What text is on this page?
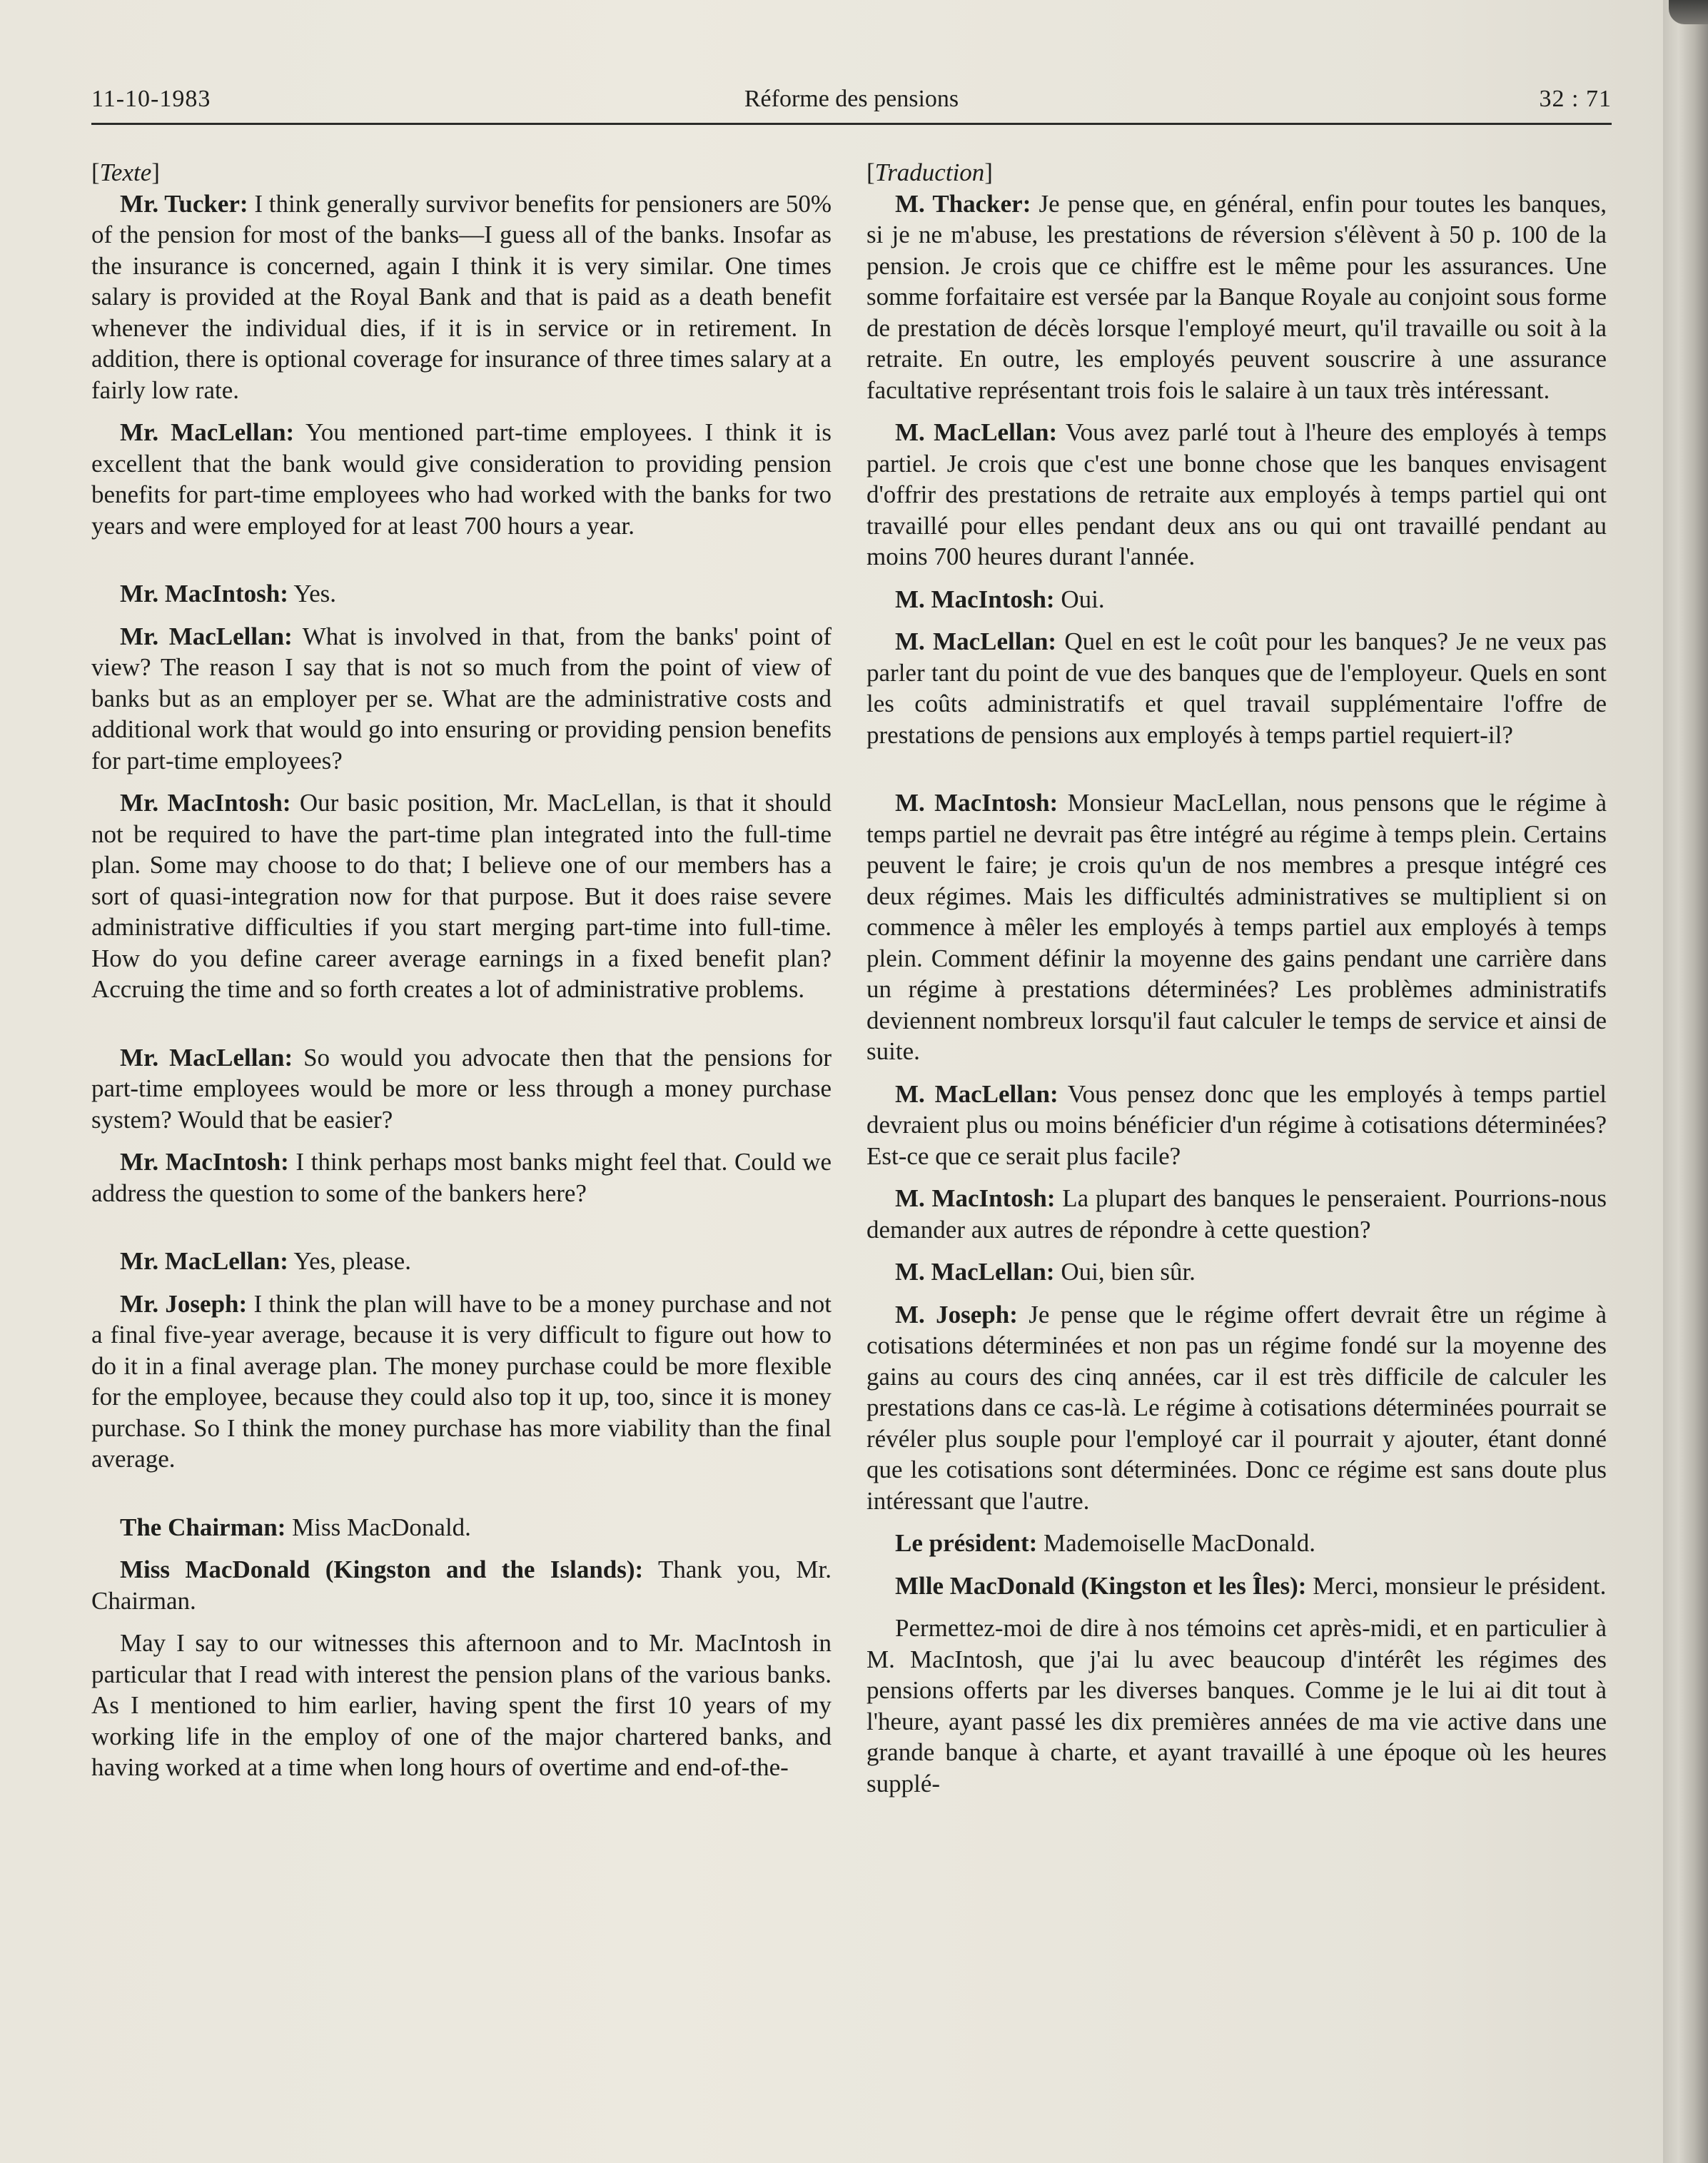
11-10-1983	Réforme des pensions	32 : 71

[Texte]

Mr. Tucker: I think generally survivor benefits for pensioners are 50% of the pension for most of the banks—I guess all of the banks. Insofar as the insurance is concerned, again I think it is very similar. One times salary is provided at the Royal Bank and that is paid as a death benefit whenever the individual dies, if it is in service or in retirement. In addition, there is optional coverage for insurance of three times salary at a fairly low rate.

Mr. MacLellan: You mentioned part-time employees. I think it is excellent that the bank would give consideration to providing pension benefits for part-time employees who had worked with the banks for two years and were employed for at least 700 hours a year.

Mr. MacIntosh: Yes.

Mr. MacLellan: What is involved in that, from the banks' point of view? The reason I say that is not so much from the point of view of banks but as an employer per se. What are the administrative costs and additional work that would go into ensuring or providing pension benefits for part-time employees?

Mr. MacIntosh: Our basic position, Mr. MacLellan, is that it should not be required to have the part-time plan integrated into the full-time plan. Some may choose to do that; I believe one of our members has a sort of quasi-integration now for that purpose. But it does raise severe administrative difficulties if you start merging part-time into full-time. How do you define career average earnings in a fixed benefit plan? Accruing the time and so forth creates a lot of administrative problems.

Mr. MacLellan: So would you advocate then that the pensions for part-time employees would be more or less through a money purchase system? Would that be easier?

Mr. MacIntosh: I think perhaps most banks might feel that. Could we address the question to some of the bankers here?

Mr. MacLellan: Yes, please.

Mr. Joseph: I think the plan will have to be a money purchase and not a final five-year average, because it is very difficult to figure out how to do it in a final average plan. The money purchase could be more flexible for the employee, because they could also top it up, too, since it is money purchase. So I think the money purchase has more viability than the final average.

The Chairman: Miss MacDonald.

Miss MacDonald (Kingston and the Islands): Thank you, Mr. Chairman.

May I say to our witnesses this afternoon and to Mr. MacIntosh in particular that I read with interest the pension plans of the various banks. As I mentioned to him earlier, having spent the first 10 years of my working life in the employ of one of the major chartered banks, and having worked at a time when long hours of overtime and end-of-the-

[Traduction]

M. Thacker: Je pense que, en général, enfin pour toutes les banques, si je ne m'abuse, les prestations de réversion s'élèvent à 50 p. 100 de la pension. Je crois que ce chiffre est le même pour les assurances. Une somme forfaitaire est versée par la Banque Royale au conjoint sous forme de prestation de décès lorsque l'employé meurt, qu'il travaille ou soit à la retraite. En outre, les employés peuvent souscrire à une assurance facultative représentant trois fois le salaire à un taux très intéressant.

M. MacLellan: Vous avez parlé tout à l'heure des employés à temps partiel. Je crois que c'est une bonne chose que les banques envisagent d'offrir des prestations de retraite aux employés à temps partiel qui ont travaillé pour elles pendant deux ans ou qui ont travaillé pendant au moins 700 heures durant l'année.

M. MacIntosh: Oui.

M. MacLellan: Quel en est le coût pour les banques? Je ne veux pas parler tant du point de vue des banques que de l'employeur. Quels en sont les coûts administratifs et quel travail supplémentaire l'offre de prestations de pensions aux employés à temps partiel requiert-il?

M. MacIntosh: Monsieur MacLellan, nous pensons que le régime à temps partiel ne devrait pas être intégré au régime à temps plein. Certains peuvent le faire; je crois qu'un de nos membres a presque intégré ces deux régimes. Mais les difficultés administratives se multiplient si on commence à mêler les employés à temps partiel aux employés à temps plein. Comment définir la moyenne des gains pendant une carrière dans un régime à prestations déterminées? Les problèmes administratifs deviennent nombreux lorsqu'il faut calculer le temps de service et ainsi de suite.

M. MacLellan: Vous pensez donc que les employés à temps partiel devraient plus ou moins bénéficier d'un régime à cotisations déterminées? Est-ce que ce serait plus facile?

M. MacIntosh: La plupart des banques le penseraient. Pourrions-nous demander aux autres de répondre à cette question?

M. MacLellan: Oui, bien sûr.

M. Joseph: Je pense que le régime offert devrait être un régime à cotisations déterminées et non pas un régime fondé sur la moyenne des gains au cours des cinq années, car il est très difficile de calculer les prestations dans ce cas-là. Le régime à cotisations déterminées pourrait se révéler plus souple pour l'employé car il pourrait y ajouter, étant donné que les cotisations sont déterminées. Donc ce régime est sans doute plus intéressant que l'autre.

Le président: Mademoiselle MacDonald.

Mlle MacDonald (Kingston et les Îles): Merci, monsieur le président.

Permettez-moi de dire à nos témoins cet après-midi, et en particulier à M. MacIntosh, que j'ai lu avec beaucoup d'intérêt les régimes des pensions offerts par les diverses banques. Comme je le lui ai dit tout à l'heure, ayant passé les dix premières années de ma vie active dans une grande banque à charte, et ayant travaillé à une époque où les heures supplé-
